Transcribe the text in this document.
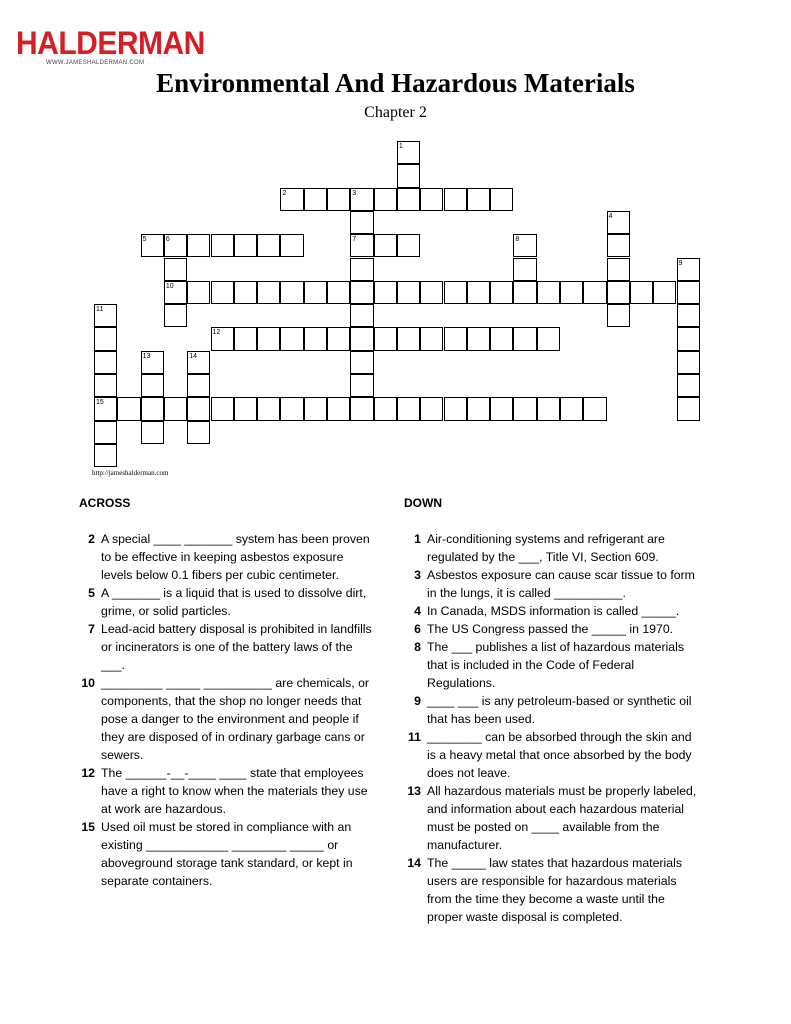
HALDERMAN
WWW.JAMESHALDERMAN.COM
Environmental And Hazardous Materials
Chapter 2
2	3
5	6	7
10
12
15
1
4
8
9
11
13	14
http://jameshalderman.com
ACROSS	DOWN
2 A special ____ _______ system has been proven to be effective in keeping asbestos exposure levels below 0.1 fibers per cubic centimeter.
5 A _______ is a liquid that is used to dissolve dirt, grime, or solid particles.
7 Lead-acid battery disposal is prohibited in landfills or incinerators is one of the battery laws of the ___.
10 _________ _____ __________ are chemicals, or components, that the shop no longer needs that pose a danger to the environment and people if they are disposed of in ordinary garbage cans or sewers.
12 The ______-__-____ ____ state that employees have a right to know when the materials they use at work are hazardous.
15 Used oil must be stored in compliance with an existing ____________ ________ _____ or aboveground storage tank standard, or kept in separate containers.
1 Air-conditioning systems and refrigerant are regulated by the ___, Title VI, Section 609.
3 Asbestos exposure can cause scar tissue to form in the lungs, it is called __________.
4 In Canada, MSDS information is called _____.
6 The US Congress passed the _____ in 1970.
8 The ___ publishes a list of hazardous materials that is included in the Code of Federal Regulations.
9 ____ ___ is any petroleum-based or synthetic oil that has been used.
11 ________ can be absorbed through the skin and is a heavy metal that once absorbed by the body does not leave.
13 All hazardous materials must be properly labeled, and information about each hazardous material must be posted on ____ available from the manufacturer.
14 The _____ law states that hazardous materials users are responsible for hazardous materials from the time they become a waste until the proper waste disposal is completed.
